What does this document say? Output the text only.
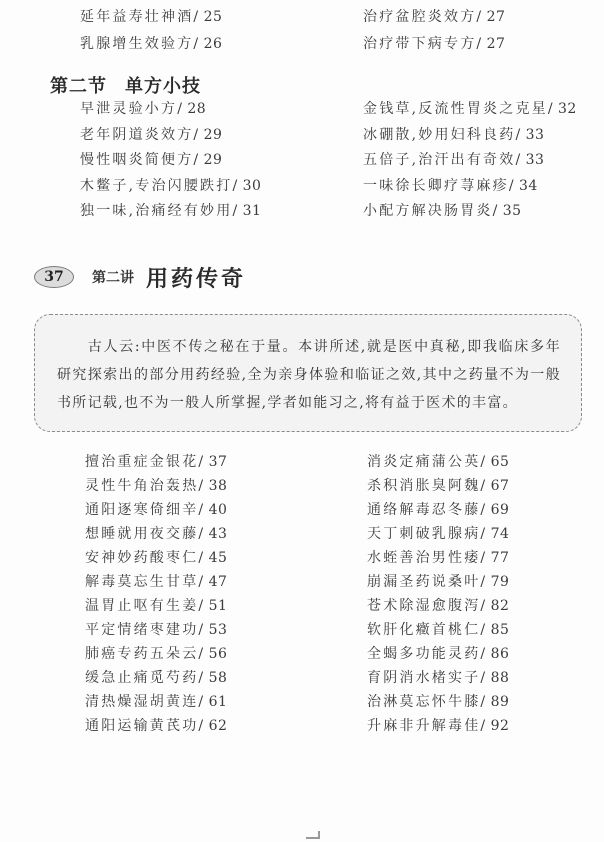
延年益寿壮神酒/ 25
乳腺增生效验方/ 26
治疗盆腔炎效方/ 27
治疗带下病专方/ 27
第二节 单方小技
早泄灵验小方/ 28
老年阴道炎效方/ 29
慢性咽炎简便方/ 29
木鳖子,专治闪腰跌打/ 30
独一味,治痛经有妙用/ 31
金钱草,反流性胃炎之克星/ 32
冰硼散,妙用妇科良药/ 33
五倍子,治汗出有奇效/ 33
一味徐长卿疗荨麻疹/ 34
小配方解决肠胃炎/ 35
37	第二讲 用药传奇

古人云:中医不传之秘在于量。本讲所述,就是医中真秘,即我临床多年研究探索出的部分用药经验,全为亲身体验和临证之效,其中之药量不为一般书所记载,也不为一般人所掌握,学者如能习之,将有益于医术的丰富。

擅治重症金银花/ 37
灵性牛角治轰热/ 38
通阳逐寒倚细辛/ 40
想睡就用夜交藤/ 43
安神妙药酸枣仁/ 45
解毒莫忘生甘草/ 47
温胃止呕有生姜/ 51
平定情绪枣建功/ 53
肺癌专药五朵云/ 56
缓急止痛觅芍药/ 58
清热燥湿胡黄连/ 61
通阳运输黄芪功/ 62
消炎定痛蒲公英/ 65
杀积消胀臭阿魏/ 67
通络解毒忍冬藤/ 69
天丁刺破乳腺病/ 74
水蛭善治男性痿/ 77
崩漏圣药说桑叶/ 79
苍术除湿愈腹泻/ 82
软肝化癥首桃仁/ 85
全蝎多功能灵药/ 86
育阴消水楮实子/ 88
治淋莫忘怀牛膝/ 89
升麻非升解毒佳/ 92
